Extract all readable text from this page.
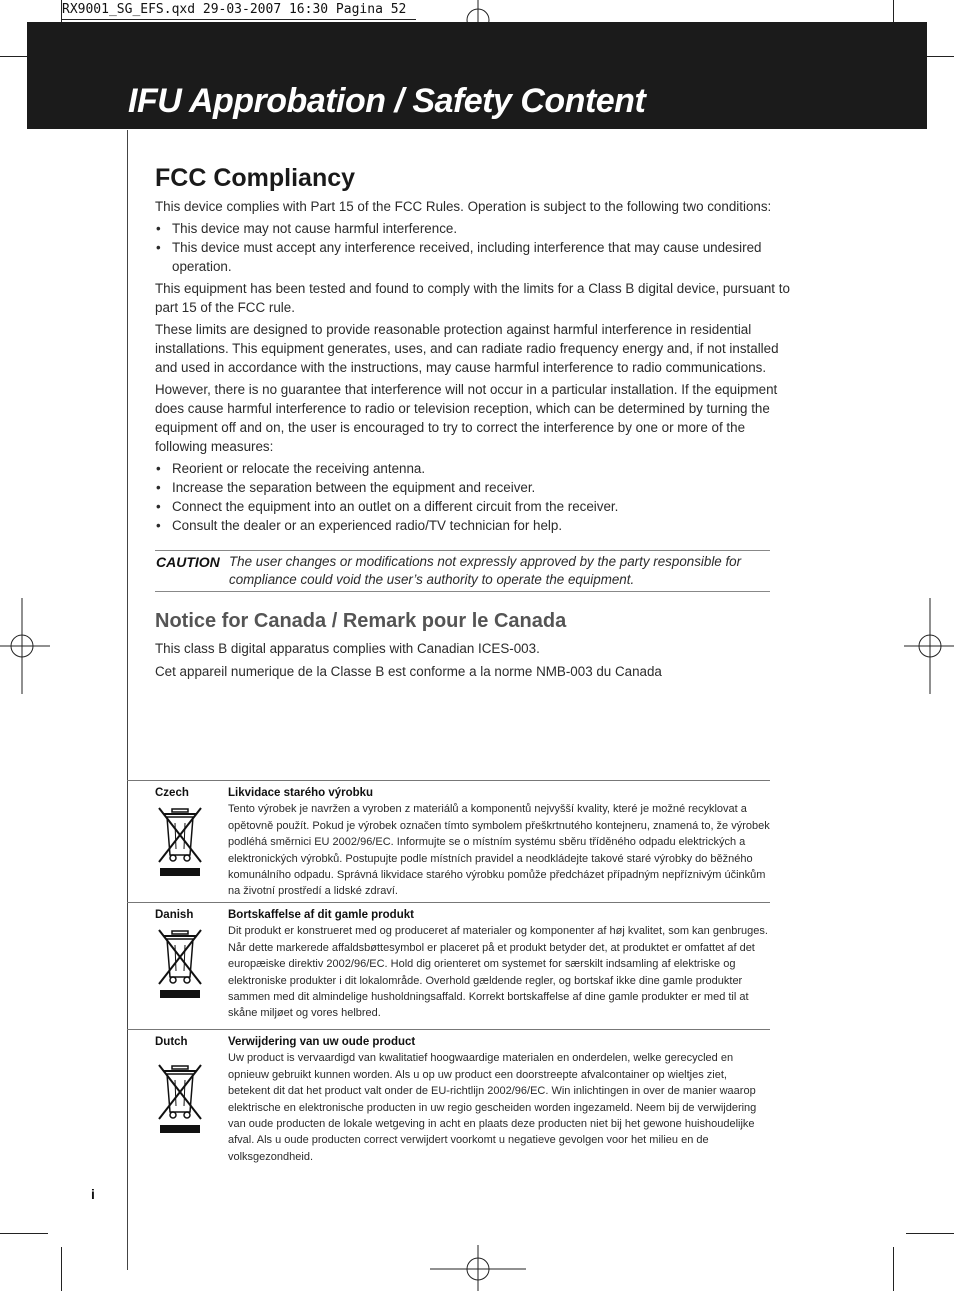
RX9001_SG_EFS.qxd 29-03-2007 16:30 Pagina 52
IFU Approbation / Safety Content
FCC Compliancy

This device complies with Part 15 of the FCC Rules. Operation is subject to the following two conditions:

• This device may not cause harmful interference.
• This device must accept any interference received, including interference that may cause undesired operation.

This equipment has been tested and found to comply with the limits for a Class B digital device, pursuant to part 15 of the FCC rule.

These limits are designed to provide reasonable protection against harmful interference in residential installations. This equipment generates, uses, and can radiate radio frequency energy and, if not installed and used in accordance with the instructions, may cause harmful interference to radio communications.

However, there is no guarantee that interference will not occur in a particular installation. If the equipment does cause harmful interference to radio or television reception, which can be determined by turning the equipment off and on, the user is encouraged to try to correct the interference by one or more of the following measures:

• Reorient or relocate the receiving antenna.
• Increase the separation between the equipment and receiver.
• Connect the equipment into an outlet on a different circuit from the receiver.
• Consult the dealer or an experienced radio/TV technician for help.
CAUTION The user changes or modifications not expressly approved by the party responsible for compliance could void the user’s authority to operate the equipment.
Notice for Canada / Remark pour le Canada

This class B digital apparatus complies with Canadian ICES-003.

Cet appareil numerique de la Classe B est conforme a la norme NMB-003 du Canada

Czech	Likvidace starého výrobku
Tento výrobek je navržen a vyroben z materiálů a komponentů nejvyšší kvality, které je možné recyklovat a opětovně použít. Pokud je výrobek označen tímto symbolem přeškrtnutého kontejneru, znamená to, že výrobek podléhá směrnici EU 2002/96/EC. Informujte se o místním systému sběru tříděného odpadu elektrických a elektronických výrobků. Postupujte podle místních pravidel a neodkládejte takové staré výrobky do běžného komunálního odpadu. Správná likvidace starého výrobku pomůže předcházet případným nepříznivým účinkům na životní prostředí a lidské zdraví.
Danish	Bortskaffelse af dit gamle produkt
Dit produkt er konstrueret med og produceret af materialer og komponenter af høj kvalitet, som kan genbruges. Når dette markerede affaldsbøttesymbol er placeret på et produkt betyder det, at produktet er omfattet af det europæiske direktiv 2002/96/EC. Hold dig orienteret om systemet for særskilt indsamling af elektriske og elektroniske produkter i dit lokalområde. Overhold gældende regler, og bortskaf ikke dine gamle produkter sammen med dit almindelige husholdningsaffald. Korrekt bortskaffelse af dine gamle produkter er med til at skåne miljøet og vores helbred.
Dutch	Verwijdering van uw oude product
Uw product is vervaardigd van kwalitatief hoogwaardige materialen en onderdelen, welke gerecycled en opnieuw gebruikt kunnen worden. Als u op uw product een doorstreepte afvalcontainer op wieltjes ziet, betekent dit dat het product valt onder de EU-richtlijn 2002/96/EC. Win inlichtingen in over de manier waarop elektrische en elektronische producten in uw regio gescheiden worden ingezameld. Neem bij de verwijdering van oude producten de lokale wetgeving in acht en plaats deze producten niet bij het gewone huishoudelijke afval. Als u oude producten correct verwijdert voorkomt u negatieve gevolgen voor het milieu en de volksgezondheid.
i
